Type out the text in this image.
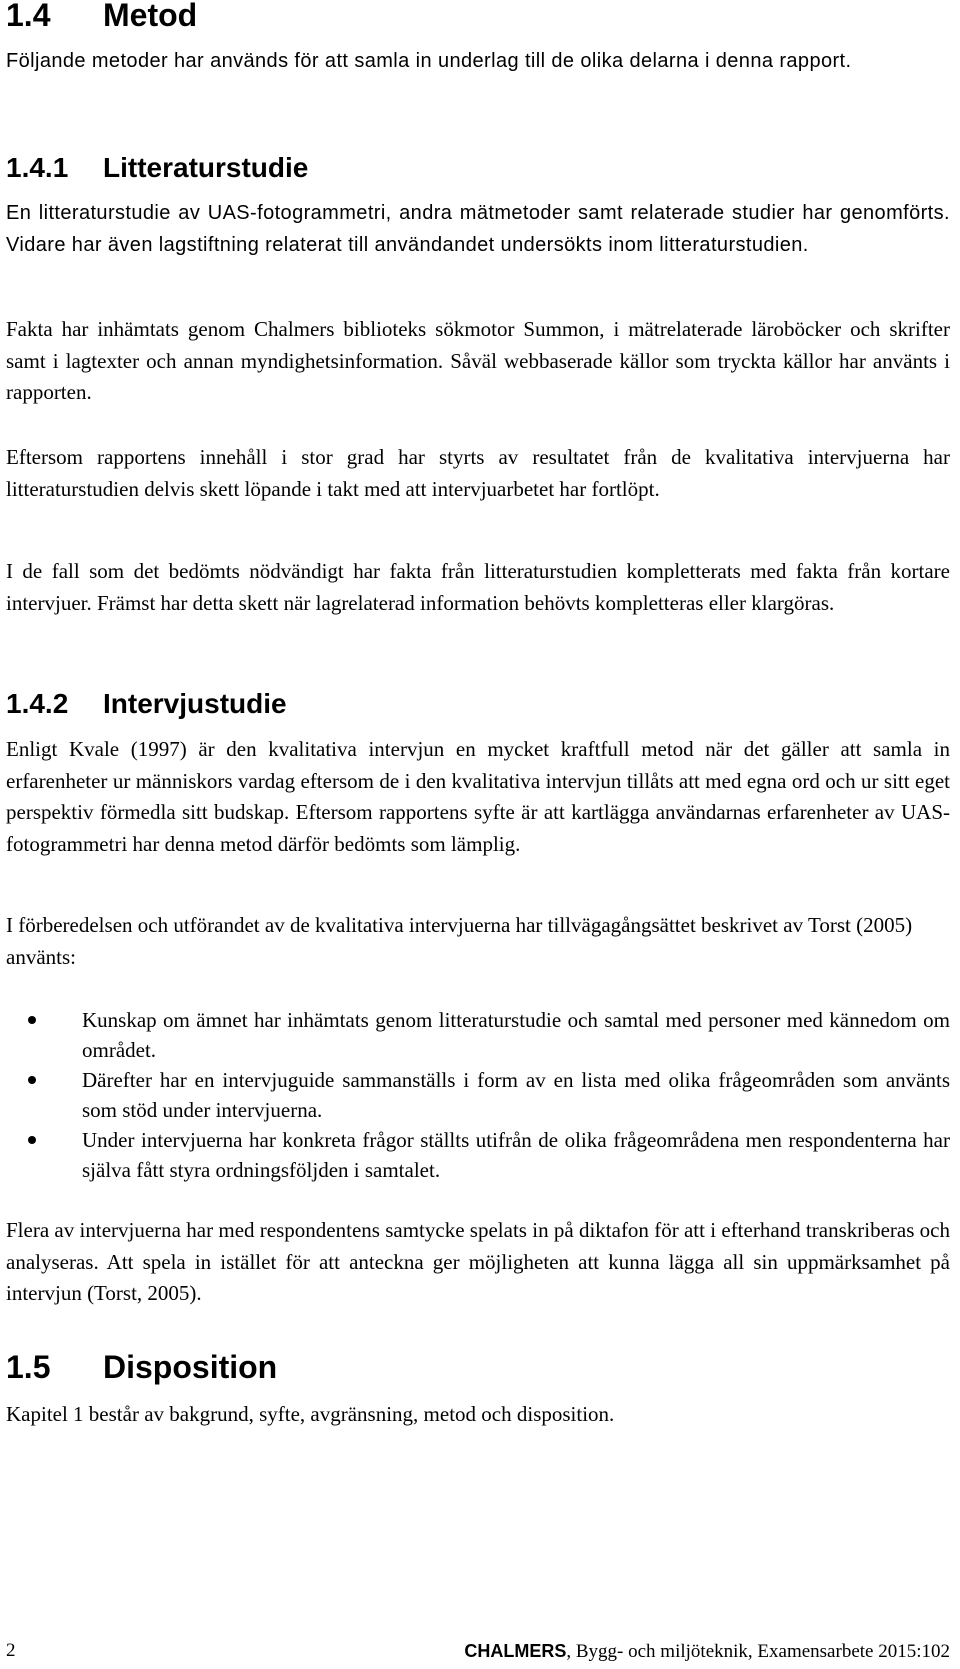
1.4 Metod

Följande metoder har används för att samla in underlag till de olika delarna i denna rapport.

1.4.1 Litteraturstudie

En litteraturstudie av UAS-fotogrammetri, andra mätmetoder samt relaterade studier har genomförts. Vidare har även lagstiftning relaterat till användandet undersökts inom litteraturstudien.

Fakta har inhämtats genom Chalmers biblioteks sökmotor Summon, i mätrelaterade läroböcker och skrifter samt i lagtexter och annan myndighetsinformation. Såväl webbaserade källor som tryckta källor har använts i rapporten.

Eftersom rapportens innehåll i stor grad har styrts av resultatet från de kvalitativa intervjuerna har litteraturstudien delvis skett löpande i takt med att intervjuarbetet har fortlöpt.

I de fall som det bedömts nödvändigt har fakta från litteraturstudien kompletterats med fakta från kortare intervjuer. Främst har detta skett när lagrelaterad information behövts kompletteras eller klargöras.

1.4.2 Intervjustudie

Enligt Kvale (1997) är den kvalitativa intervjun en mycket kraftfull metod när det gäller att samla in erfarenheter ur människors vardag eftersom de i den kvalitativa intervjun tillåts att med egna ord och ur sitt eget perspektiv förmedla sitt budskap. Eftersom rapportens syfte är att kartlägga användarnas erfarenheter av UAS-fotogrammetri har denna metod därför bedömts som lämplig.

I förberedelsen och utförandet av de kvalitativa intervjuerna har tillvägagångsättet beskrivet av Torst (2005) använts:

Kunskap om ämnet har inhämtats genom litteraturstudie och samtal med personer med kännedom om området.
Därefter har en intervjuguide sammanställs i form av en lista med olika frågeområden som använts som stöd under intervjuerna.
Under intervjuerna har konkreta frågor ställts utifrån de olika frågeområdena men respondenterna har själva fått styra ordningsföljden i samtalet.

Flera av intervjuerna har med respondentens samtycke spelats in på diktafon för att i efterhand transkriberas och analyseras. Att spela in istället för att anteckna ger möjligheten att kunna lägga all sin uppmärksamhet på intervjun (Torst, 2005).

1.5 Disposition

Kapitel 1 består av bakgrund, syfte, avgränsning, metod och disposition.

2	CHALMERS, Bygg- och miljöteknik, Examensarbete 2015:102
